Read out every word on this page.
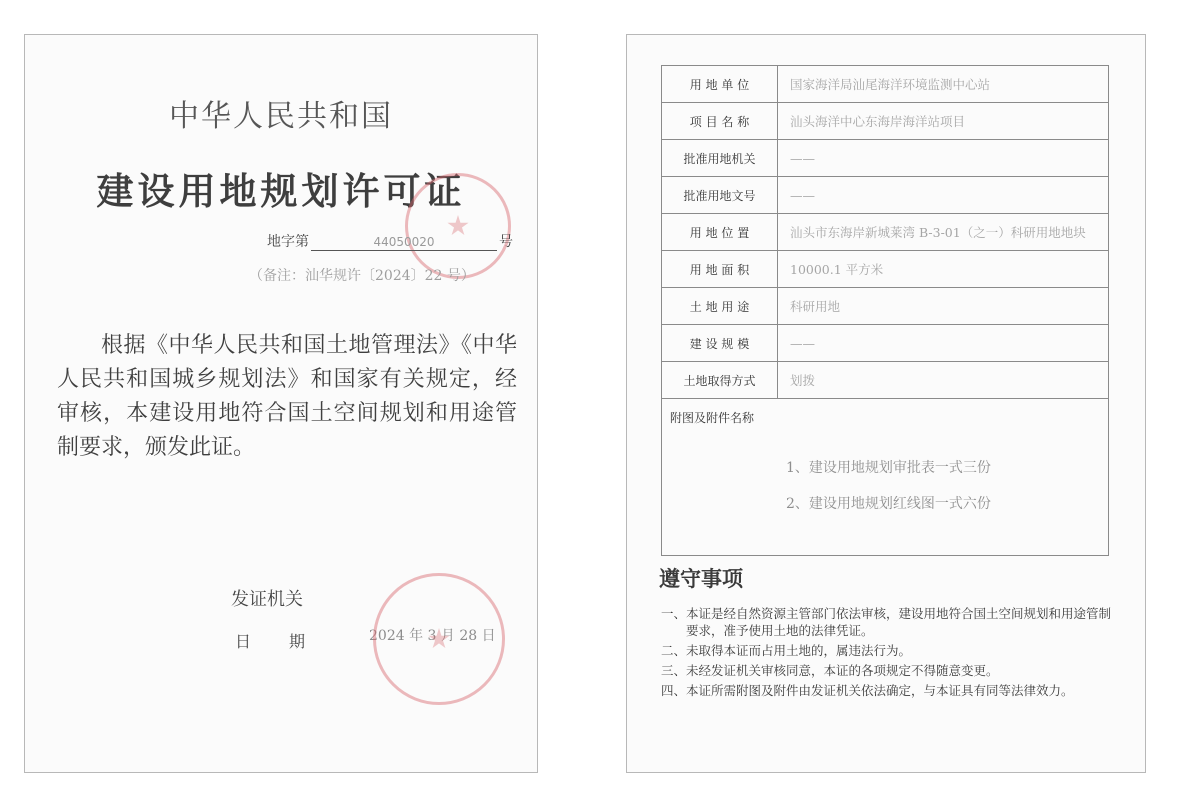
中华人民共和国
建设用地规划许可证
地字第	44050020	号
（备注：汕华规许〔2024〕22 号）
根据《中华人民共和国土地管理法》《中华人民共和国城乡规划法》和国家有关规定，经审核，本建设用地符合国土空间规划和用途管制要求，颁发此证。
发证机关
日 期	2024 年 3 月 28 日
用 地 单 位	国家海洋局汕尾海洋环境监测中心站
项 目 名 称	汕头海洋中心东海岸海洋站项目
批准用地机关	——
批准用地文号	——
用 地 位 置	汕头市东海岸新城莱湾 B-3-01（之一）科研用地地块
用 地 面 积	10000.1 平方米
土 地 用 途	科研用地
建 设 规 模	——
土地取得方式	划拨

附图及附件名称
1、建设用地规划审批表一式三份
2、建设用地规划红线图一式六份	
遵守事项
一、 本证是经自然资源主管部门依法审核，建设用地符合国土空间规划和用途管制要求，准予使用土地的法律凭证。
二、 未取得本证而占用土地的，属违法行为。
三、 未经发证机关审核同意，本证的各项规定不得随意变更。
四、 本证所需附图及附件由发证机关依法确定，与本证具有同等法律效力。
